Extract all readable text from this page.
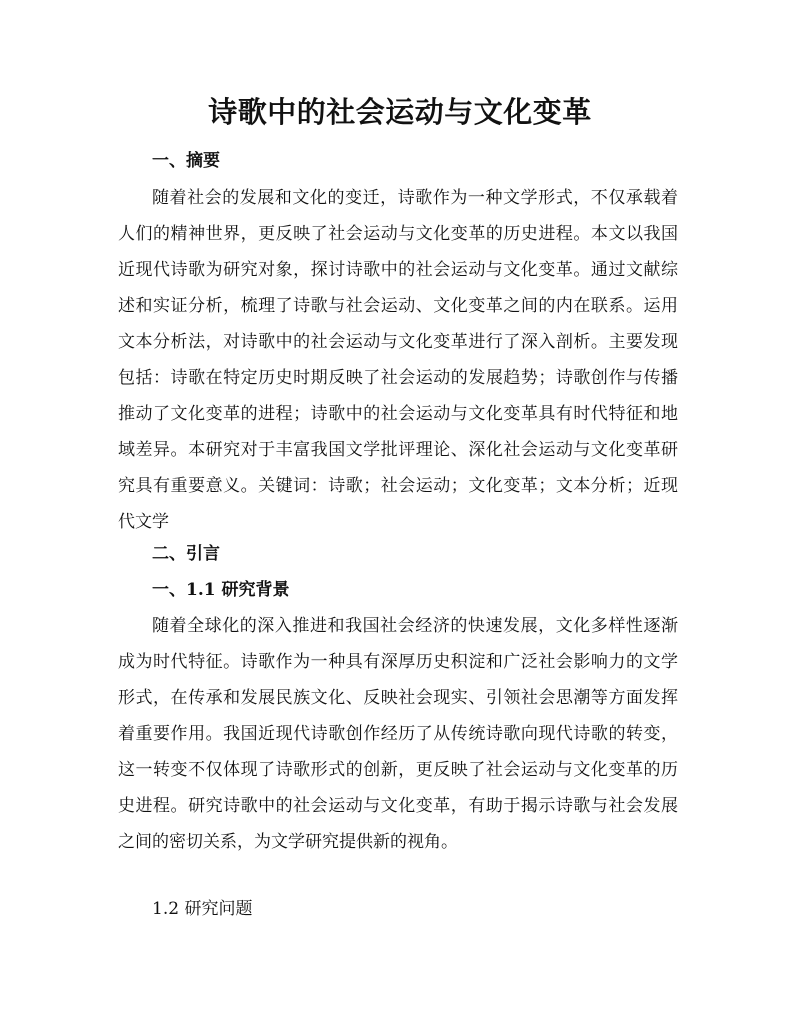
诗歌中的社会运动与文化变革
一、摘要

随着社会的发展和文化的变迁，诗歌作为一种文学形式，不仅承载着人们的精神世界，更反映了社会运动与文化变革的历史进程。本文以我国近现代诗歌为研究对象，探讨诗歌中的社会运动与文化变革。通过文献综述和实证分析，梳理了诗歌与社会运动、文化变革之间的内在联系。运用文本分析法，对诗歌中的社会运动与文化变革进行了深入剖析。主要发现包括：诗歌在特定历史时期反映了社会运动的发展趋势；诗歌创作与传播推动了文化变革的进程；诗歌中的社会运动与文化变革具有时代特征和地域差异。本研究对于丰富我国文学批评理论、深化社会运动与文化变革研究具有重要意义。关键词：诗歌；社会运动；文化变革；文本分析；近现代文学

二、引言
一、1.1 研究背景

随着全球化的深入推进和我国社会经济的快速发展，文化多样性逐渐成为时代特征。诗歌作为一种具有深厚历史积淀和广泛社会影响力的文学形式，在传承和发展民族文化、反映社会现实、引领社会思潮等方面发挥着重要作用。我国近现代诗歌创作经历了从传统诗歌向现代诗歌的转变，这一转变不仅体现了诗歌形式的创新，更反映了社会运动与文化变革的历史进程。研究诗歌中的社会运动与文化变革，有助于揭示诗歌与社会发展之间的密切关系，为文学研究提供新的视角。

1.2 研究问题
